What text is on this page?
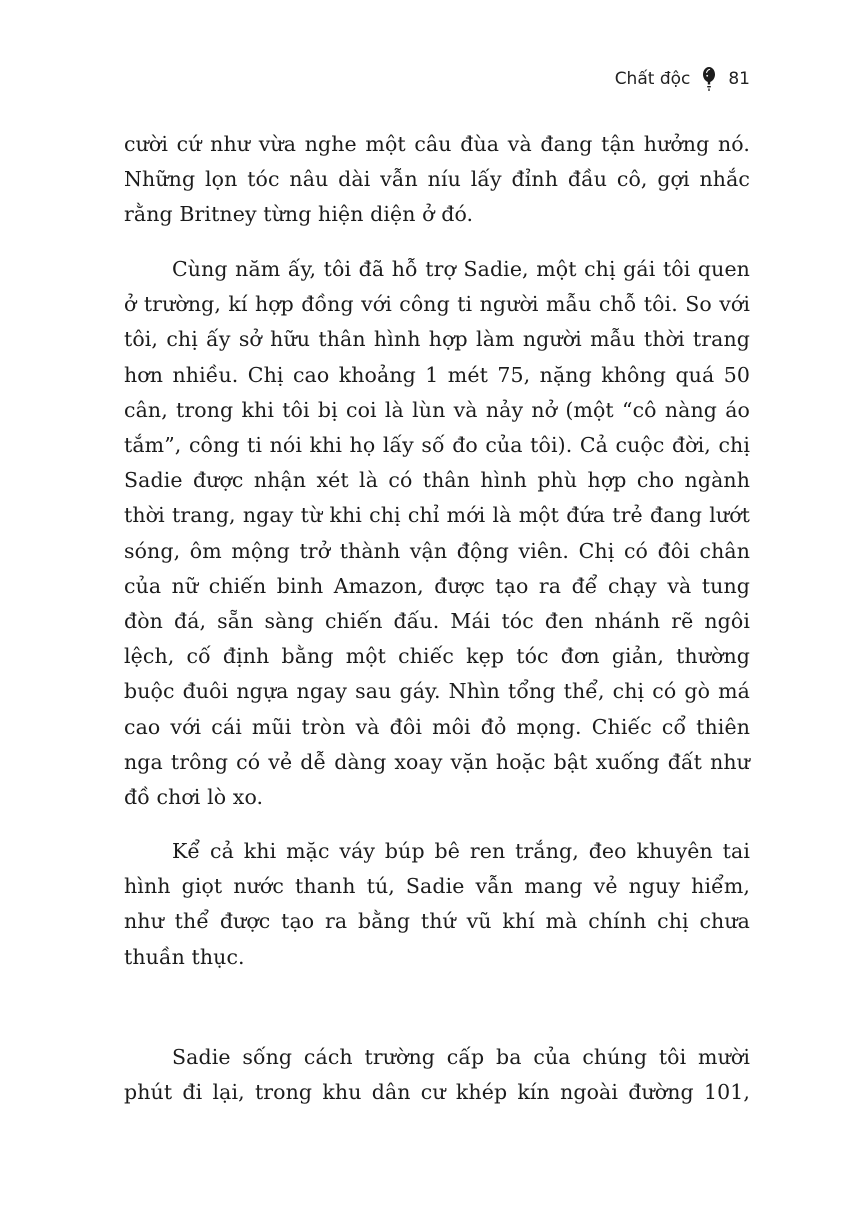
Chất độc 81

cười cứ như vừa nghe một câu đùa và đang tận hưởng nó.
Những lọn tóc nâu dài vẫn níu lấy đỉnh đầu cô, gợi nhắc
rằng Britney từng hiện diện ở đó.

Cùng năm ấy, tôi đã hỗ trợ Sadie, một chị gái tôi quen
ở trường, kí hợp đồng với công ti người mẫu chỗ tôi. So với
tôi, chị ấy sở hữu thân hình hợp làm người mẫu thời trang
hơn nhiều. Chị cao khoảng 1 mét 75, nặng không quá 50
cân, trong khi tôi bị coi là lùn và nảy nở (một “cô nàng áo
tắm”, công ti nói khi họ lấy số đo của tôi). Cả cuộc đời, chị
Sadie được nhận xét là có thân hình phù hợp cho ngành
thời trang, ngay từ khi chị chỉ mới là một đứa trẻ đang lướt
sóng, ôm mộng trở thành vận động viên. Chị có đôi chân
của nữ chiến binh Amazon, được tạo ra để chạy và tung
đòn đá, sẵn sàng chiến đấu. Mái tóc đen nhánh rẽ ngôi
lệch, cố định bằng một chiếc kẹp tóc đơn giản, thường
buộc đuôi ngựa ngay sau gáy. Nhìn tổng thể, chị có gò má
cao với cái mũi tròn và đôi môi đỏ mọng. Chiếc cổ thiên
nga trông có vẻ dễ dàng xoay vặn hoặc bật xuống đất như
đồ chơi lò xo.

Kể cả khi mặc váy búp bê ren trắng, đeo khuyên tai
hình giọt nước thanh tú, Sadie vẫn mang vẻ nguy hiểm,
như thể được tạo ra bằng thứ vũ khí mà chính chị chưa
thuần thục.

Sadie sống cách trường cấp ba của chúng tôi mười
phút đi lại, trong khu dân cư khép kín ngoài đường 101,
